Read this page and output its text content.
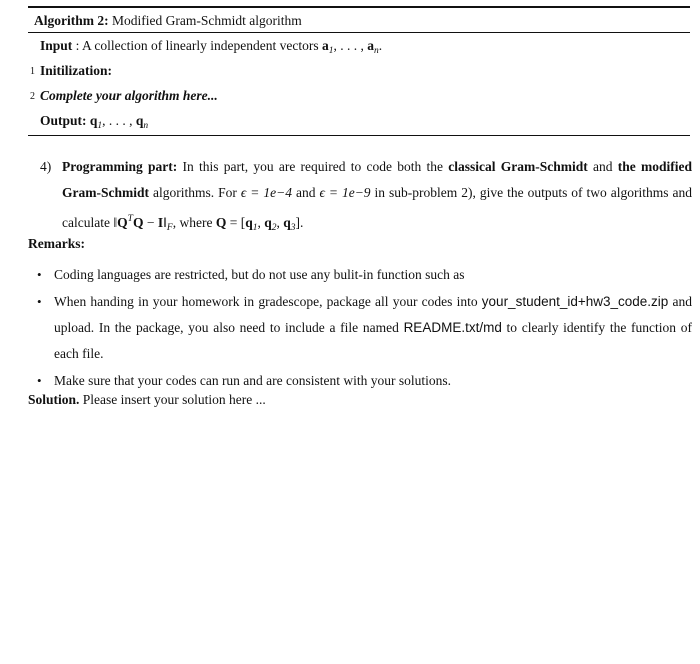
Algorithm 2: Modified Gram-Schmidt algorithm
Input : A collection of linearly independent vectors $a_1$, . . . , $a_n$.
1 Initilization:
2 Complete your algorithm here...
Output: $q_1$, . . . , $q_n$
4) Programming part: In this part, you are required to code both the classical Gram-Schmidt and the modified Gram-Schmidt algorithms. For ϵ = 1e−4 and ϵ = 1e−9 in sub-problem 2), give the outputs of two algorithms and calculate $‖Q^TQ$ − $I‖_F$, where $Q = [q_1$, $q_2$, $q_3$].
Remarks:
• Coding languages are restricted, but do not use any bulit-in function such as
• When handing in your homework in gradescope, package all your codes into your_student_id+hw3_code.zip and upload. In the package, you also need to include a file named README.txt/md to clearly identify the function of each file.
• Make sure that your codes can run and are consistent with your solutions.
Solution. Please insert your solution here ...
